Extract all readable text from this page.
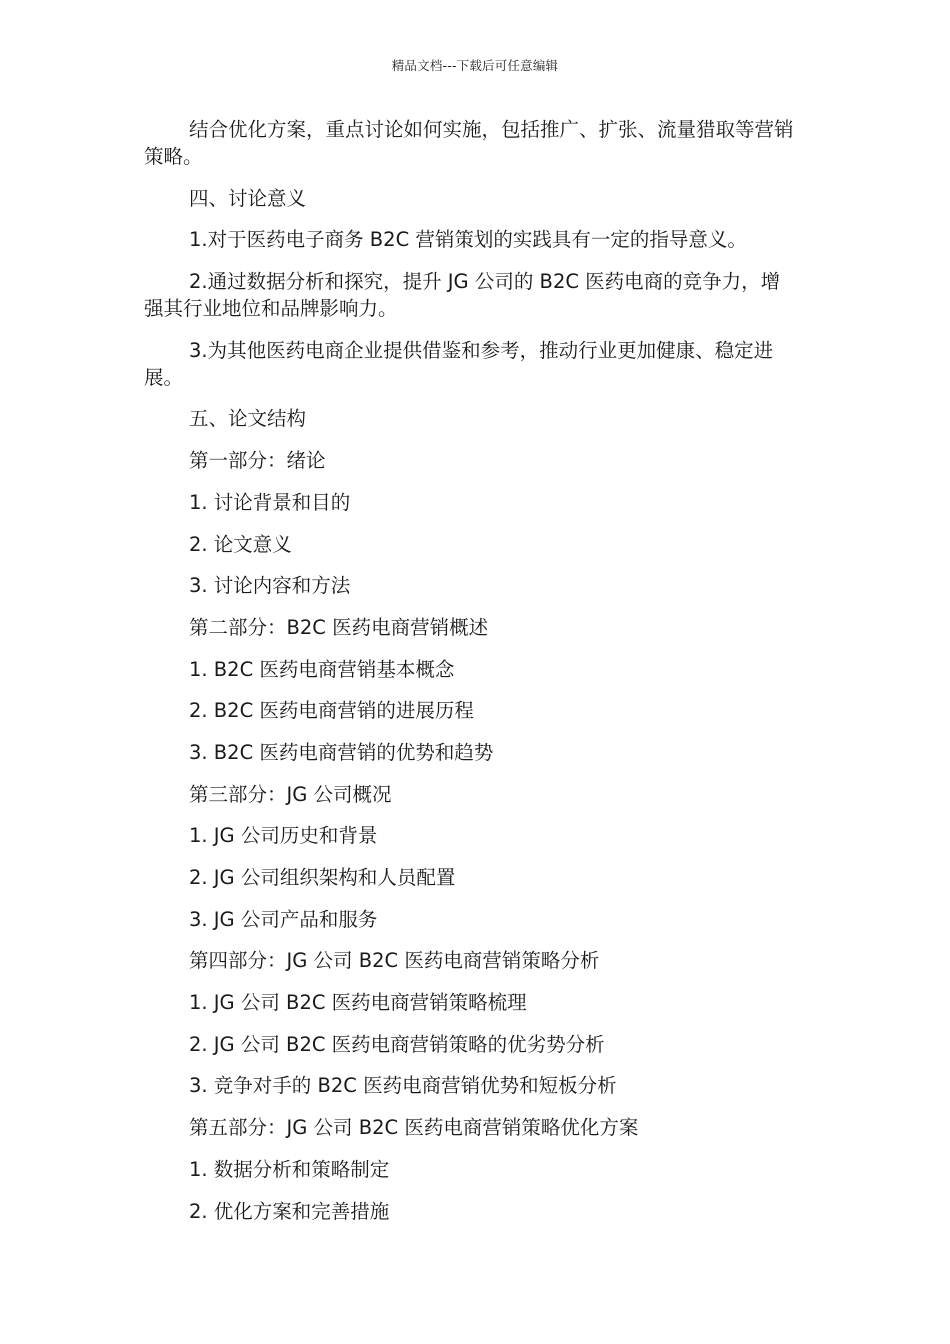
精品文档---下载后可任意编辑

结合优化方案，重点讨论如何实施，包括推广、扩张、流量猎取等营销策略。

四、讨论意义

1.对于医药电子商务 B2C 营销策划的实践具有一定的指导意义。

2.通过数据分析和探究，提升 JG 公司的 B2C 医药电商的竞争力，增强其行业地位和品牌影响力。

3.为其他医药电商企业提供借鉴和参考，推动行业更加健康、稳定进展。

五、论文结构

第一部分：绪论

1. 讨论背景和目的

2. 论文意义

3. 讨论内容和方法

第二部分：B2C 医药电商营销概述

1. B2C 医药电商营销基本概念

2. B2C 医药电商营销的进展历程

3. B2C 医药电商营销的优势和趋势

第三部分：JG 公司概况

1. JG 公司历史和背景

2. JG 公司组织架构和人员配置

3. JG 公司产品和服务

第四部分：JG 公司 B2C 医药电商营销策略分析

1. JG 公司 B2C 医药电商营销策略梳理

2. JG 公司 B2C 医药电商营销策略的优劣势分析

3. 竞争对手的 B2C 医药电商营销优势和短板分析

第五部分：JG 公司 B2C 医药电商营销策略优化方案

1. 数据分析和策略制定

2. 优化方案和完善措施
